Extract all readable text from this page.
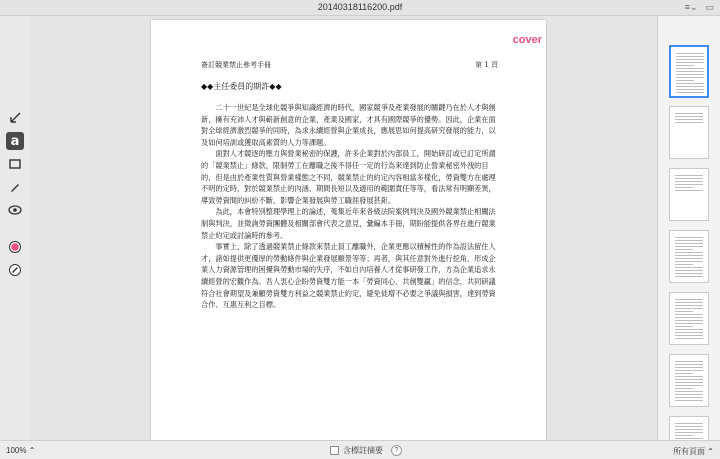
20140318116200.pdf	≡⌄ ▭
a
cover
簽訂競業禁止參考手冊	第 1 頁
◆◆主任委員的期許◆◆

二十一世紀是全球化競爭與知識經濟的時代，國家競爭及產業發展的關鍵乃在於人才與創新，擁有充沛人才與嶄新創意的企業、產業及國家，才具有國際競爭的優勢。因此，企業在面對全球經濟激烈競爭的同時，為求永續經營與企業成長，應展思如何提高研究發展的能力，以及如何培訓或獲取高素質的人力等課題。

面對人才競逐的壓力與營業秘密的保護，許多企業對於內部員工，開始研訂或已訂定所謂的「競業禁止」條款，限制勞工在離職之後不得任一定的行為來達到防止營業秘密外洩的目的，但是由於產業性質與營業樣態之不同，競業禁止的約定內容相當多樣化，勞資雙方在處理不明的定時，對於競業禁止的內涵、期間長短以及適用的範圍責任等等，看法常有明顯差異，導致勞資間的糾紛不斷，影響企業發展與勞工職涯發展甚鉅。

為此，本會特別整理學理上的論述，蒐集近年來各級法院案例判決及國外競業禁止相關法制與判決，並徵詢勞資團體及相關部會代表之意見，彙編本手冊，期盼能提供各界在進行競業禁止約定或討論時的參考。

事實上，除了透過競業禁止條款來禁止員工離職外，企業更應以積極性的作為設法留住人才，諸如提供更優厚的勞動條件與企業發展願景等等；再者，與其任意對外進行挖角，形成企業人力資源管理的困擾與勞動市場的失序，不如自內培養人才從事研發工作，方為企業追求永續經營的宏觀作為。吾人衷心企盼勞資雙方能一本「勞資同心、共創雙贏」的信念，共同研議符合社會期望及兼顧勞資雙方利益之競業禁止約定，避免徒增不必要之爭議與損害，達到勞資合作、互惠互利之目標。

100% ⌃	含標註摘要	?	所有頁面 ⌃
